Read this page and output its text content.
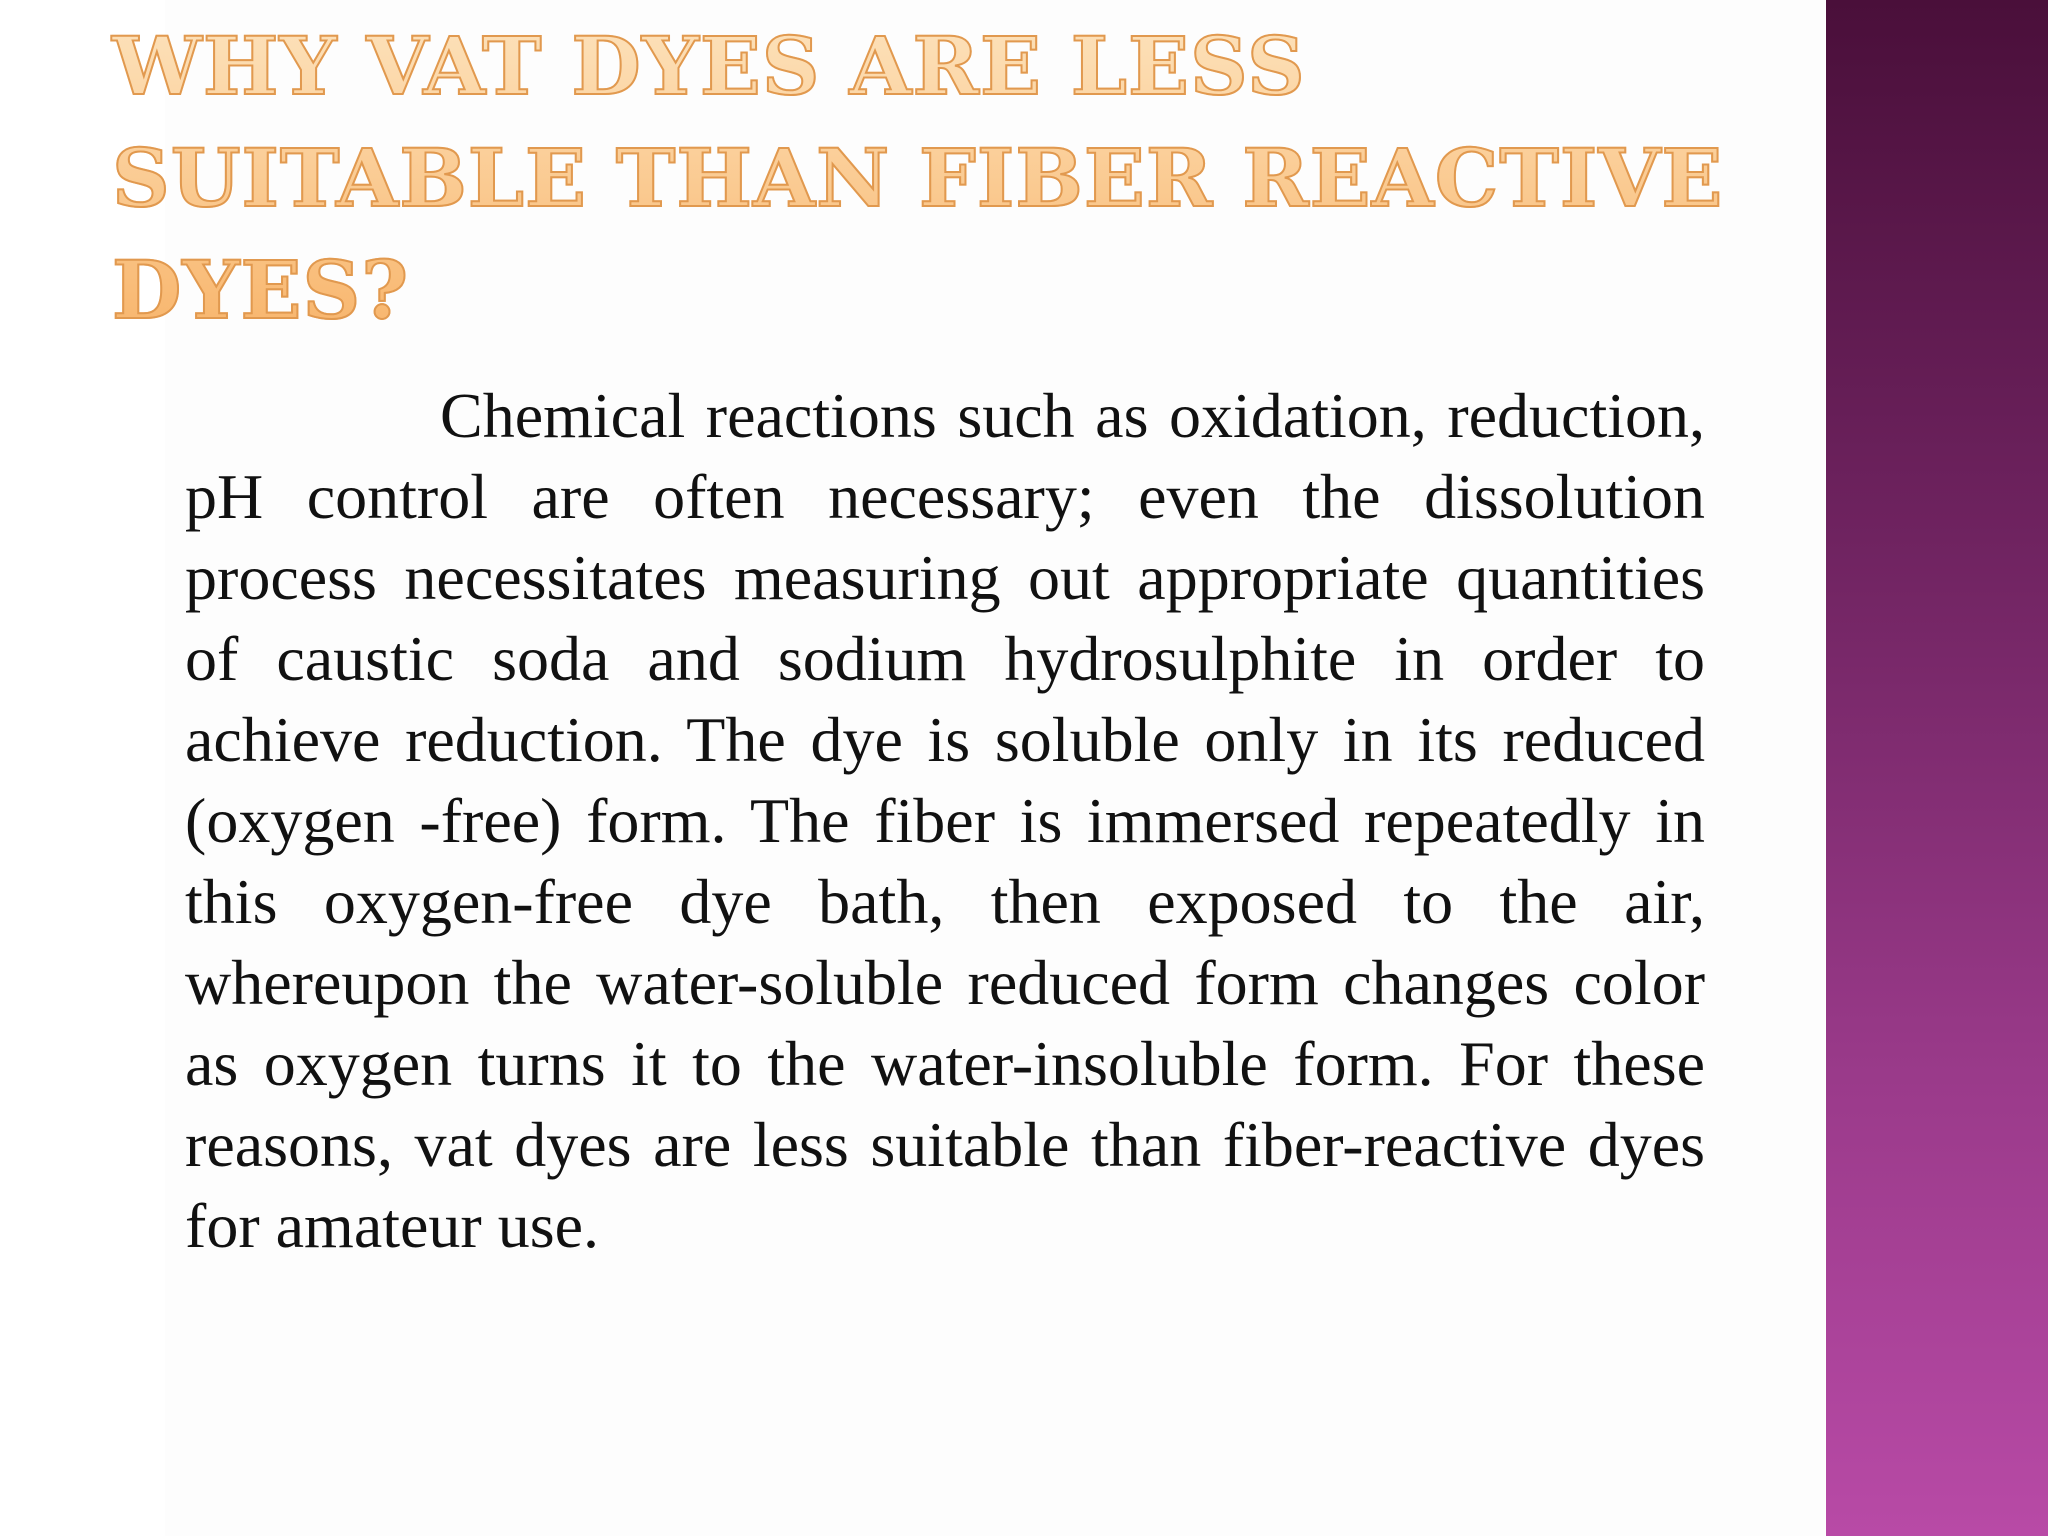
WHY VAT DYES ARE LESS SUITABLE THAN FIBER REACTIVE DYES?

Chemical reactions such as oxidation, reduction, pH control are often necessary; even the dissolution process necessitates measuring out appropriate quantities of caustic soda and sodium hydrosulphite in order to achieve reduction. The dye is soluble only in its reduced (oxygen -free) form. The fiber is immersed repeatedly in this oxygen-free dye bath, then exposed to the air, whereupon the water-soluble reduced form changes color as oxygen turns it to the water-insoluble form. For these reasons, vat dyes are less suitable than fiber-reactive dyes for amateur use.
